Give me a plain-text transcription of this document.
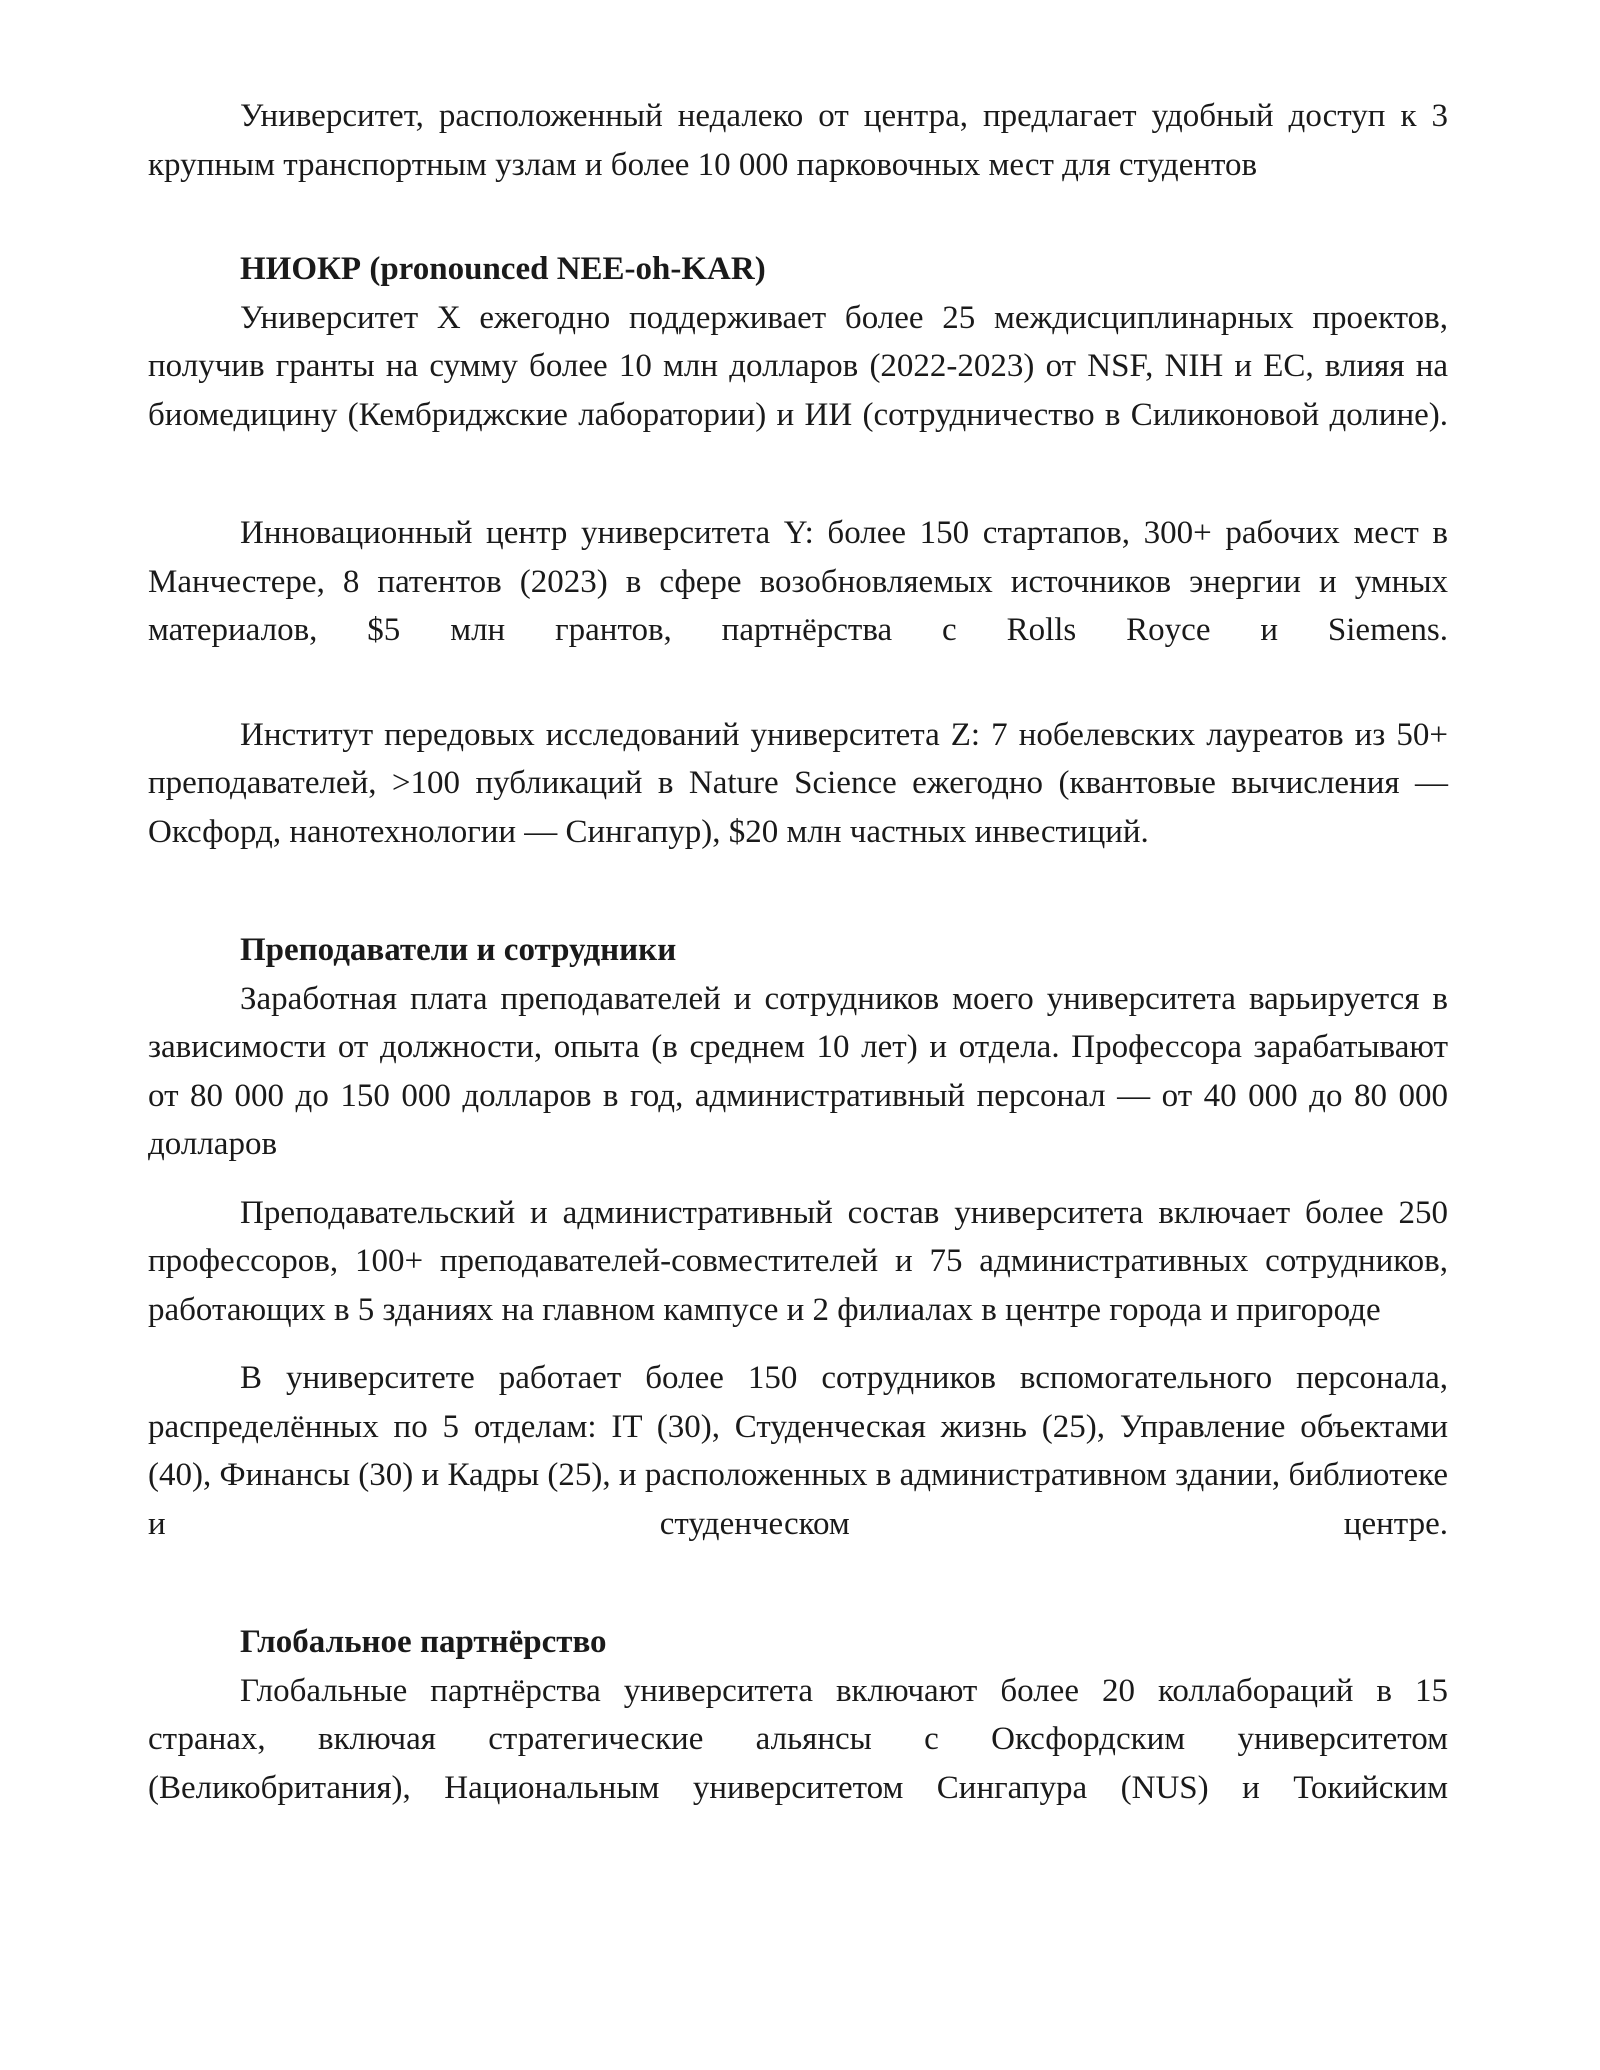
Университет, расположенный недалеко от центра, предлагает удобный доступ к 3 крупным транспортным узлам и более 10 000 парковочных мест для студентов

НИОКР (pronounced NEE-oh-KAR)

Университет X ежегодно поддерживает более 25 междисциплинарных проектов, получив гранты на сумму более 10 млн долларов (2022-2023) от NSF, NIH и ЕС, влияя на биомедицину (Кембриджские лаборатории) и ИИ (сотрудничество в Силиконовой долине).

Инновационный центр университета Y: более 150 стартапов, 300+ рабочих мест в Манчестере, 8 патентов (2023) в сфере возобновляемых источников энергии и умных материалов, $5 млн грантов, партнёрства с Rolls Royce и Siemens.

Институт передовых исследований университета Z: 7 нобелевских лауреатов из 50+ преподавателей, >100 публикаций в Nature Science ежегодно (квантовые вычисления — Оксфорд, нанотехнологии — Сингапур), $20 млн частных инвестиций.

Преподаватели и сотрудники

Заработная плата преподавателей и сотрудников моего университета варьируется в зависимости от должности, опыта (в среднем 10 лет) и отдела. Профессора зарабатывают от 80 000 до 150 000 долларов в год, административный персонал — от 40 000 до 80 000 долларов

Преподавательский и административный состав университета включает более 250 профессоров, 100+ преподавателей-совместителей и 75 административных сотрудников, работающих в 5 зданиях на главном кампусе и 2 филиалах в центре города и пригороде

В университете работает более 150 сотрудников вспомогательного персонала, распределённых по 5 отделам: IT (30), Студенческая жизнь (25), Управление объектами (40), Финансы (30) и Кадры (25), и расположенных в административном здании, библиотеке и студенческом центре.

Глобальное партнёрство

Глобальные партнёрства университета включают более 20 коллабораций в 15 странах, включая стратегические альянсы с Оксфордским университетом (Великобритания), Национальным университетом Сингапура (NUS) и Токийским
